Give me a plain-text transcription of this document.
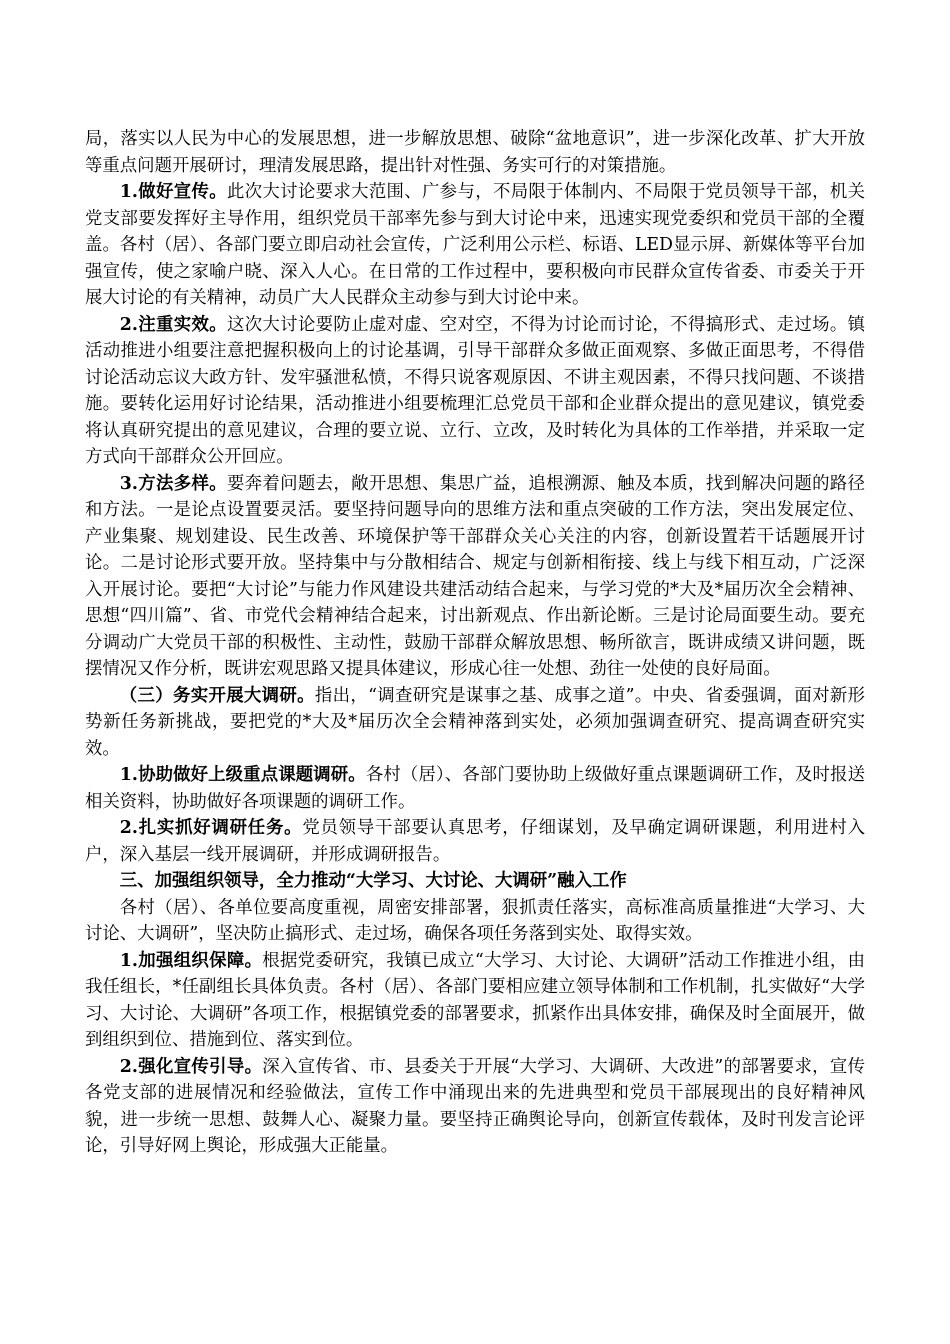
局，落实以人民为中心的发展思想，进一步解放思想、破除“盆地意识”，进一步深化改革、扩大开放等重点问题开展研讨，理清发展思路，提出针对性强、务实可行的对策措施。

1.做好宣传。此次大讨论要求大范围、广参与，不局限于体制内、不局限于党员领导干部，机关党支部要发挥好主导作用，组织党员干部率先参与到大讨论中来，迅速实现党委织和党员干部的全覆盖。各村（居）、各部门要立即启动社会宣传，广泛利用公示栏、标语、LED显示屏、新媒体等平台加强宣传，使之家喻户晓、深入人心。在日常的工作过程中，要积极向市民群众宣传省委、市委关于开展大讨论的有关精神，动员广大人民群众主动参与到大讨论中来。

2.注重实效。这次大讨论要防止虚对虚、空对空，不得为讨论而讨论，不得搞形式、走过场。镇活动推进小组要注意把握积极向上的讨论基调，引导干部群众多做正面观察、多做正面思考，不得借讨论活动忘议大政方针、发牢骚泄私愤，不得只说客观原因、不讲主观因素，不得只找问题、不谈措施。要转化运用好讨论结果，活动推进小组要梳理汇总党员干部和企业群众提出的意见建议，镇党委将认真研究提出的意见建议，合理的要立说、立行、立改，及时转化为具体的工作举措，并采取一定方式向干部群众公开回应。

3.方法多样。要奔着问题去，敞开思想、集思广益，追根溯源、触及本质，找到解决问题的路径和方法。一是论点设置要灵活。要坚持问题导向的思维方法和重点突破的工作方法，突出发展定位、产业集聚、规划建设、民生改善、环境保护等干部群众关心关注的内容，创新设置若干话题展开讨论。二是讨论形式要开放。坚持集中与分散相结合、规定与创新相衔接、线上与线下相互动，广泛深入开展讨论。要把“大讨论”与能力作风建设共建活动结合起来，与学习党的*大及*届历次全会精神、思想“四川篇”、省、市党代会精神结合起来，讨出新观点、作出新论断。三是讨论局面要生动。要充分调动广大党员干部的积极性、主动性，鼓励干部群众解放思想、畅所欲言，既讲成绩又讲问题，既摆情况又作分析，既讲宏观思路又提具体建议，形成心往一处想、劲往一处使的良好局面。

（三）务实开展大调研。指出，“调查研究是谋事之基、成事之道”。中央、省委强调，面对新形势新任务新挑战，要把党的*大及*届历次全会精神落到实处，必须加强调查研究、提高调查研究实效。

1.协助做好上级重点课题调研。各村（居）、各部门要协助上级做好重点课题调研工作，及时报送相关资料，协助做好各项课题的调研工作。

2.扎实抓好调研任务。党员领导干部要认真思考，仔细谋划，及早确定调研课题，利用进村入户，深入基层一线开展调研，并形成调研报告。

三、加强组织领导，全力推动“大学习、大讨论、大调研”融入工作

各村（居）、各单位要高度重视，周密安排部署，狠抓责任落实，高标准高质量推进“大学习、大讨论、大调研”，坚决防止搞形式、走过场，确保各项任务落到实处、取得实效。

1.加强组织保障。根据党委研究，我镇已成立“大学习、大讨论、大调研”活动工作推进小组，由我任组长，*任副组长具体负责。各村（居）、各部门要相应建立领导体制和工作机制，扎实做好“大学习、大讨论、大调研”各项工作，根据镇党委的部署要求，抓紧作出具体安排，确保及时全面展开，做到组织到位、措施到位、落实到位。

2.强化宣传引导。深入宣传省、市、县委关于开展“大学习、大调研、大改进”的部署要求，宣传各党支部的进展情况和经验做法，宣传工作中涌现出来的先进典型和党员干部展现出的良好精神风貌，进一步统一思想、鼓舞人心、凝聚力量。要坚持正确舆论导向，创新宣传载体，及时刊发言论评论，引导好网上舆论，形成强大正能量。
